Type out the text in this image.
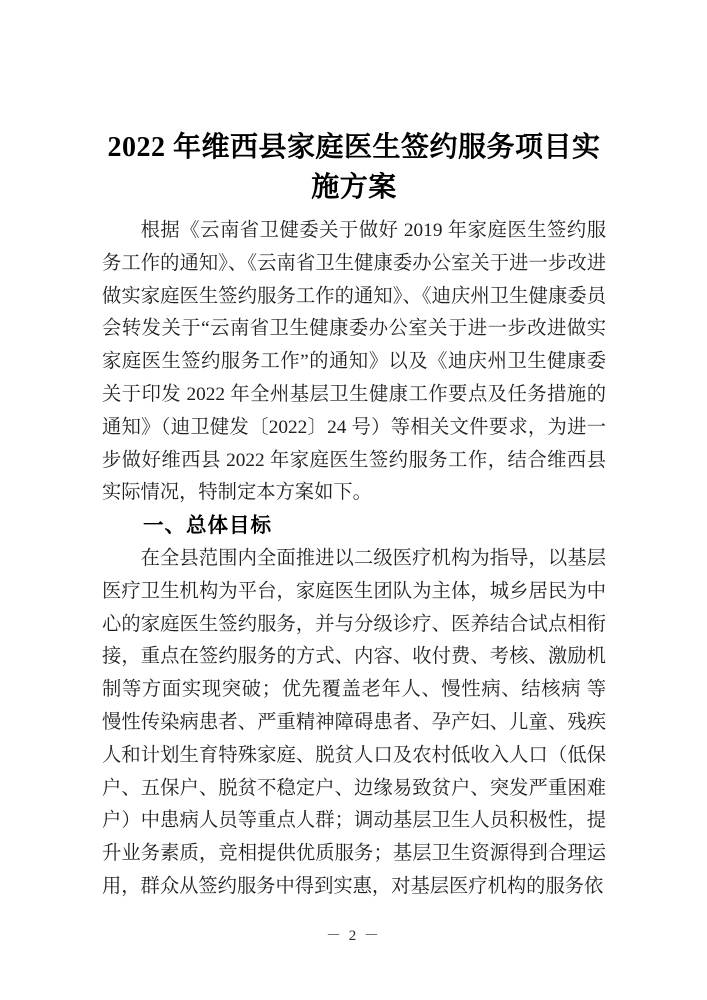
2022 年维西县家庭医生签约服务项目实施方案

根据《云南省卫健委关于做好 2019 年家庭医生签约服务工作的通知》、《云南省卫生健康委办公室关于进一步改进做实家庭医生签约服务工作的通知》、《迪庆州卫生健康委员会转发关于“云南省卫生健康委办公室关于进一步改进做实家庭医生签约服务工作”的通知》以及《迪庆州卫生健康委关于印发 2022 年全州基层卫生健康工作要点及任务措施的通知》（迪卫健发〔2022〕24 号）等相关文件要求，为进一步做好维西县 2022 年家庭医生签约服务工作，结合维西县实际情况，特制定本方案如下。

一、总体目标

在全县范围内全面推进以二级医疗机构为指导，以基层医疗卫生机构为平台，家庭医生团队为主体，城乡居民为中心的家庭医生签约服务，并与分级诊疗、医养结合试点相衔接，重点在签约服务的方式、内容、收付费、考核、激励机制等方面实现突破；优先覆盖老年人、慢性病、结核病 等慢性传染病患者、严重精神障碍患者、孕产妇、儿童、残疾人和计划生育特殊家庭、脱贫人口及农村低收入人口（低保户、五保户、脱贫不稳定户、边缘易致贫户、突发严重困难户）中患病人员等重点人群；调动基层卫生人员积极性，提升业务素质，竞相提供优质服务；基层卫生资源得到合理运用，群众从签约服务中得到实惠，对基层医疗机构的服务依

－ 2 －
